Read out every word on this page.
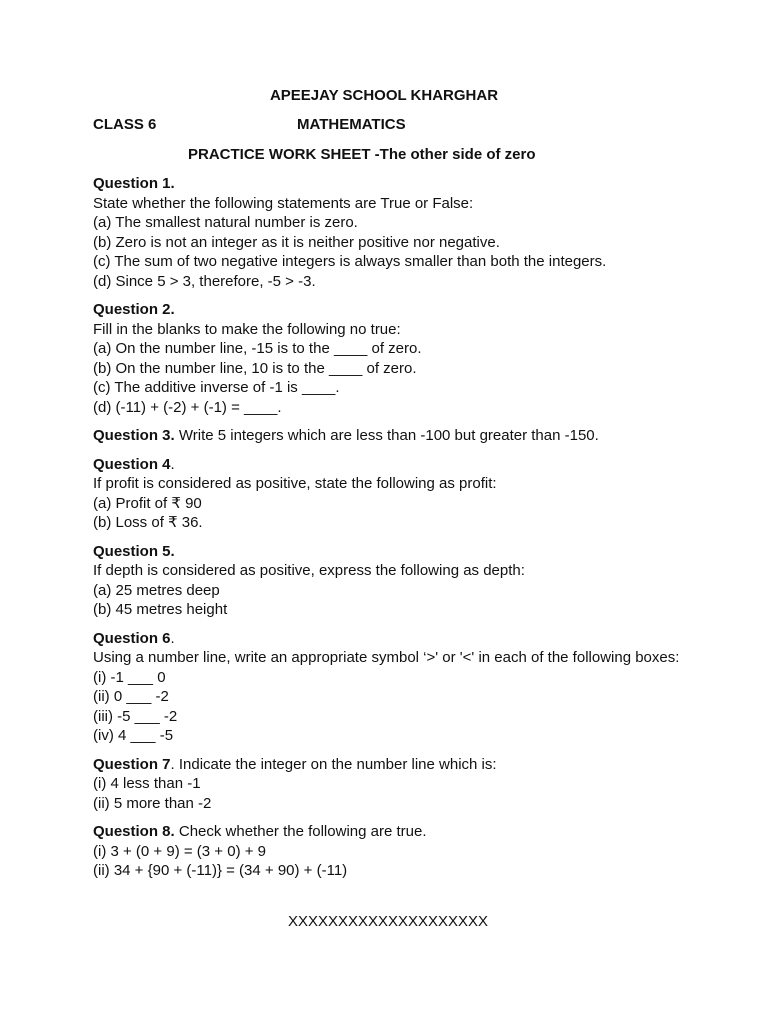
APEEJAY SCHOOL KHARGHAR
CLASS 6	MATHEMATICS
PRACTICE WORK SHEET -The other side of zero

Question 1.

State whether the following statements are True or False:

(a) The smallest natural number is zero.

(b) Zero is not an integer as it is neither positive nor negative.

(c) The sum of two negative integers is always smaller than both the integers.

(d) Since 5 > 3, therefore, -5 > -3.

Question 2.

Fill in the blanks to make the following no true:

(a) On the number line, -15 is to the ____ of zero.

(b) On the number line, 10 is to the ____ of zero.

(c) The additive inverse of -1 is ____.

(d) (-11) + (-2) + (-1) = ____.

Question 3. Write 5 integers which are less than -100 but greater than -150.

Question 4.

If profit is considered as positive, state the following as profit:

(a) Profit of ₹ 90

(b) Loss of ₹ 36.

Question 5.

If depth is considered as positive, express the following as depth:

(a) 25 metres deep

(b) 45 metres height

Question 6.

Using a number line, write an appropriate symbol ‘>' or '<' in each of the following boxes:

(i) -1 ___ 0

(ii) 0 ___ -2

(iii) -5 ___ -2

(iv) 4 ___ -5

Question 7. Indicate the integer on the number line which is:

(i) 4 less than -1

(ii) 5 more than -2

Question 8. Check whether the following are true.

(i) 3 + (0 + 9) = (3 + 0) + 9

(ii) 34 + {90 + (-11)} = (34 + 90) + (-11)

XXXXXXXXXXXXXXXXXXXX
